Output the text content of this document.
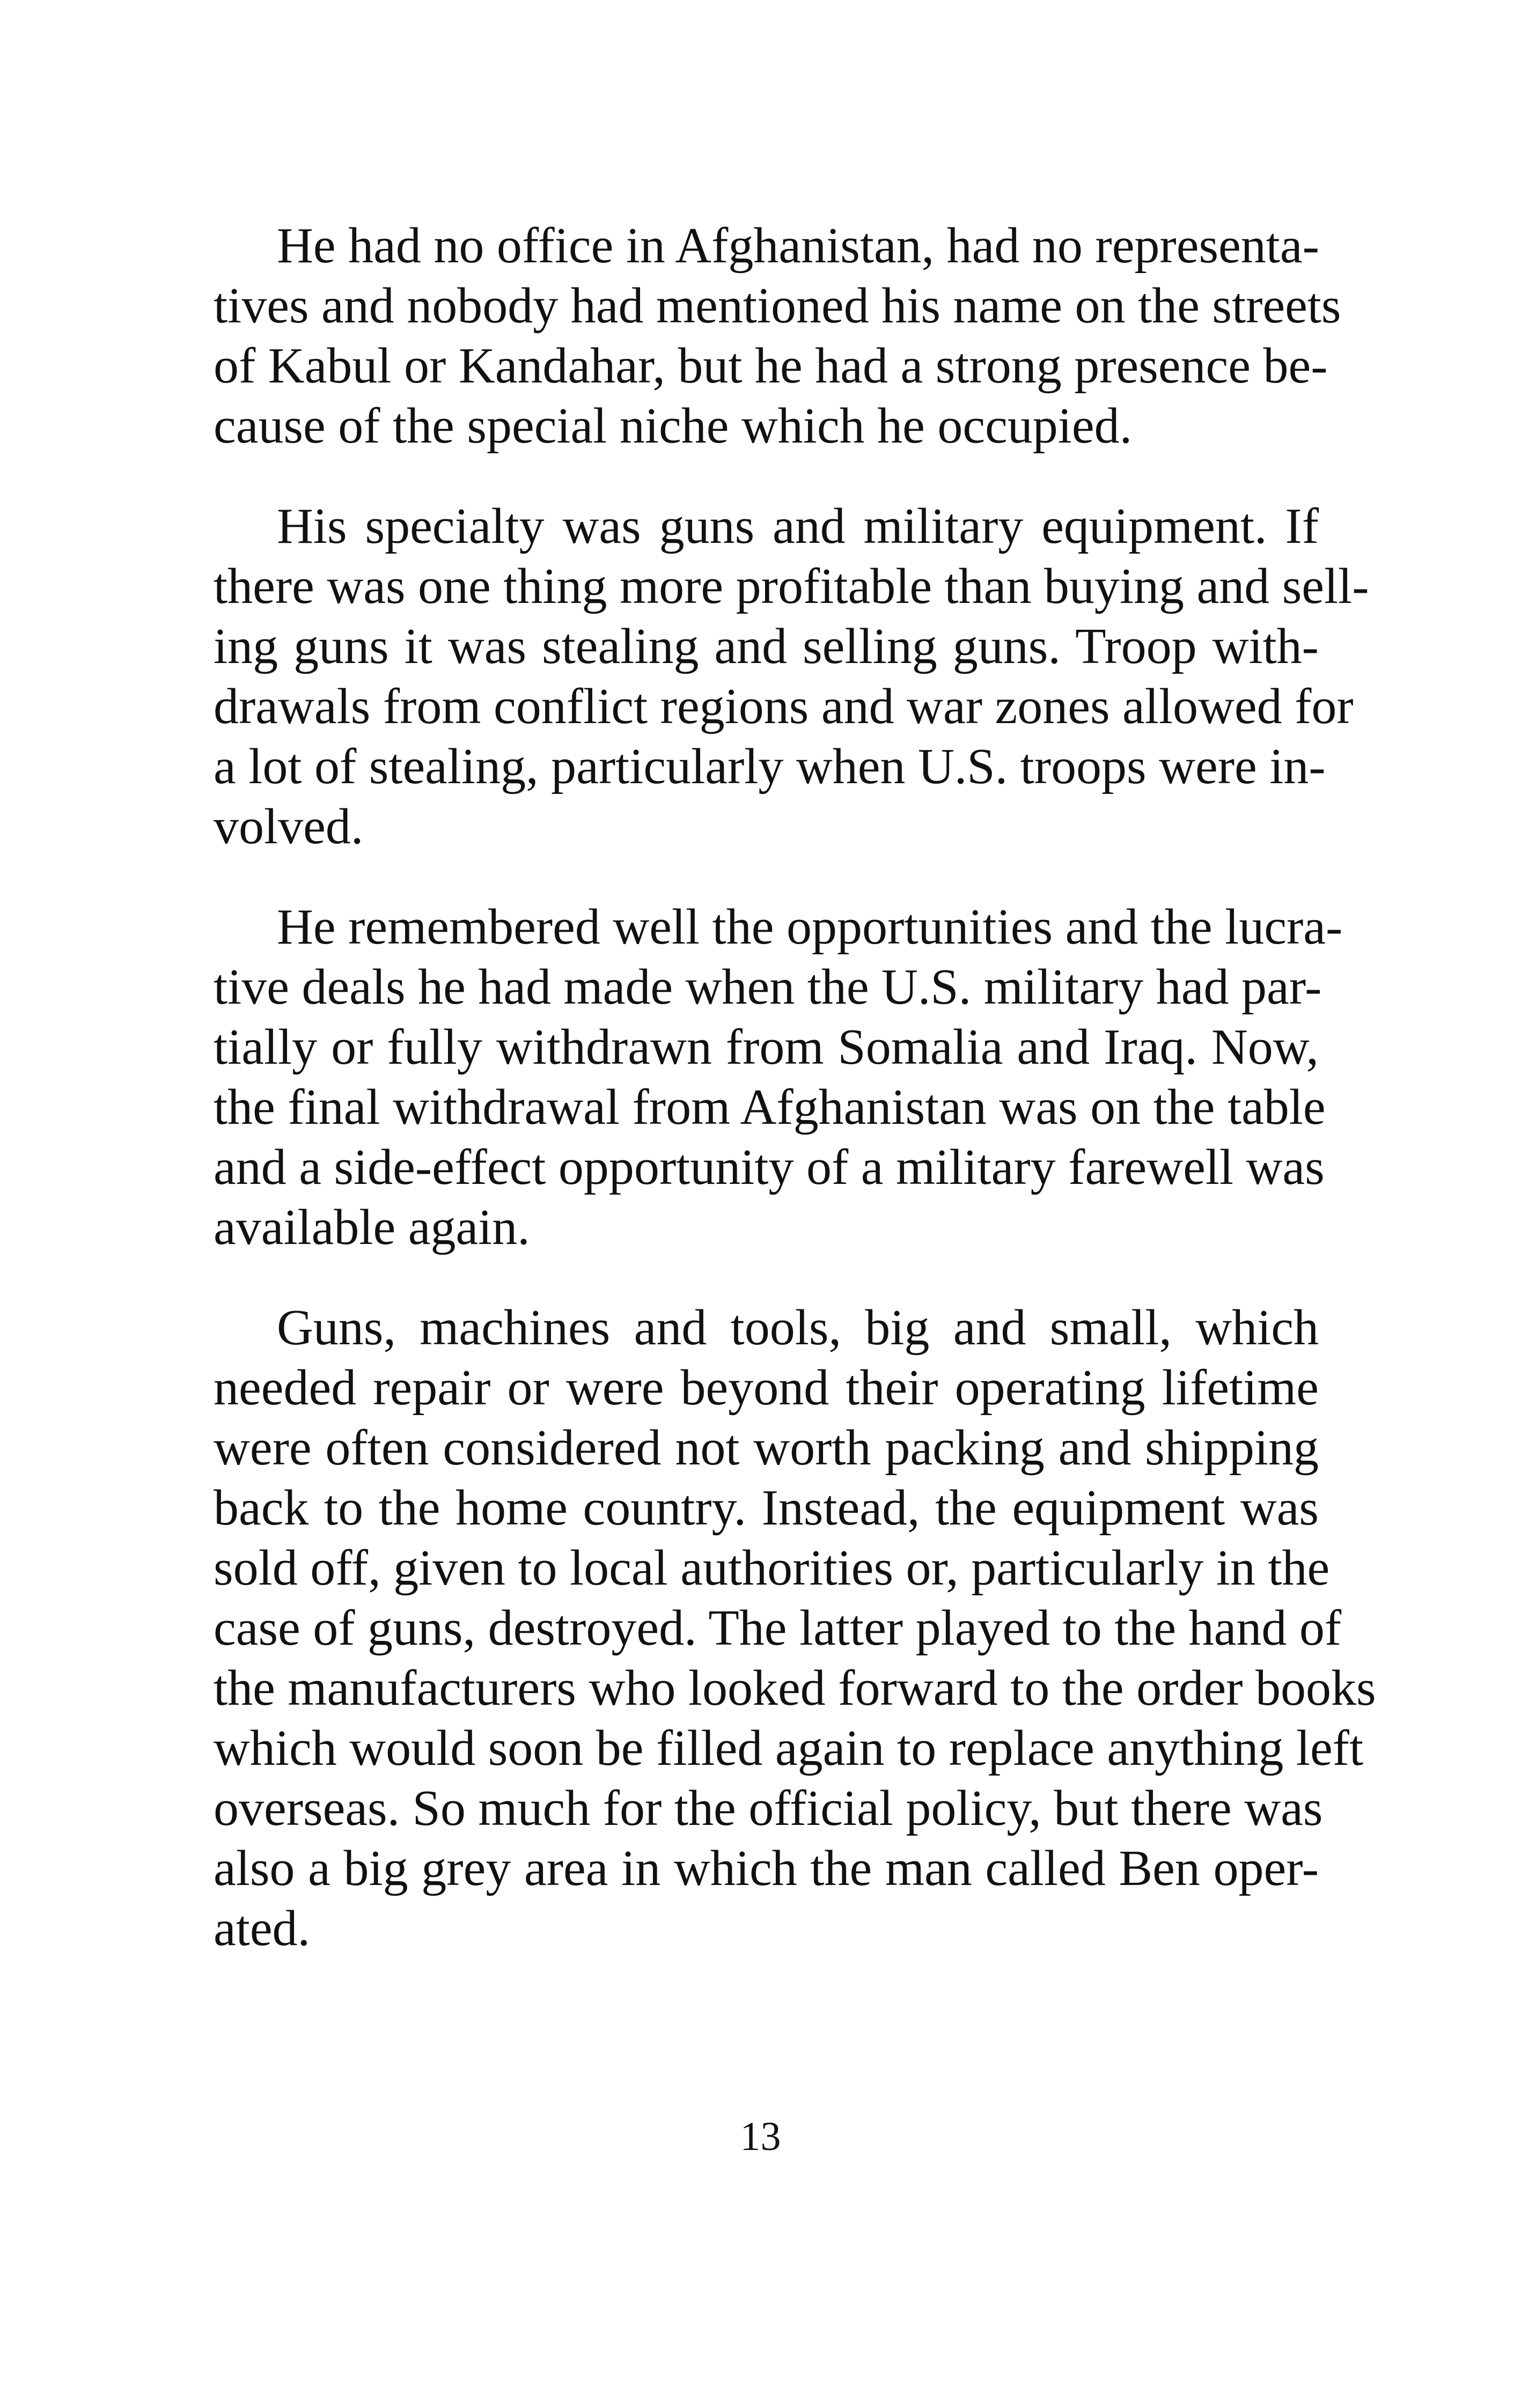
He had no office in Afghanistan, had no representa-
tives and nobody had mentioned his name on the streets
of Kabul or Kandahar, but he had a strong presence be-
cause of the special niche which he occupied.
His specialty was guns and military equipment. If
there was one thing more profitable than buying and sell-
ing guns it was stealing and selling guns. Troop with-
drawals from conflict regions and war zones allowed for
a lot of stealing, particularly when U.S. troops were in-
volved.
He remembered well the opportunities and the lucra-
tive deals he had made when the U.S. military had par-
tially or fully withdrawn from Somalia and Iraq. Now,
the final withdrawal from Afghanistan was on the table
and a side-effect opportunity of a military farewell was
available again.
Guns, machines and tools, big and small, which
needed repair or were beyond their operating lifetime
were often considered not worth packing and shipping
back to the home country. Instead, the equipment was
sold off, given to local authorities or, particularly in the
case of guns, destroyed. The latter played to the hand of
the manufacturers who looked forward to the order books
which would soon be filled again to replace anything left
overseas. So much for the official policy, but there was
also a big grey area in which the man called Ben oper-
ated.
13
